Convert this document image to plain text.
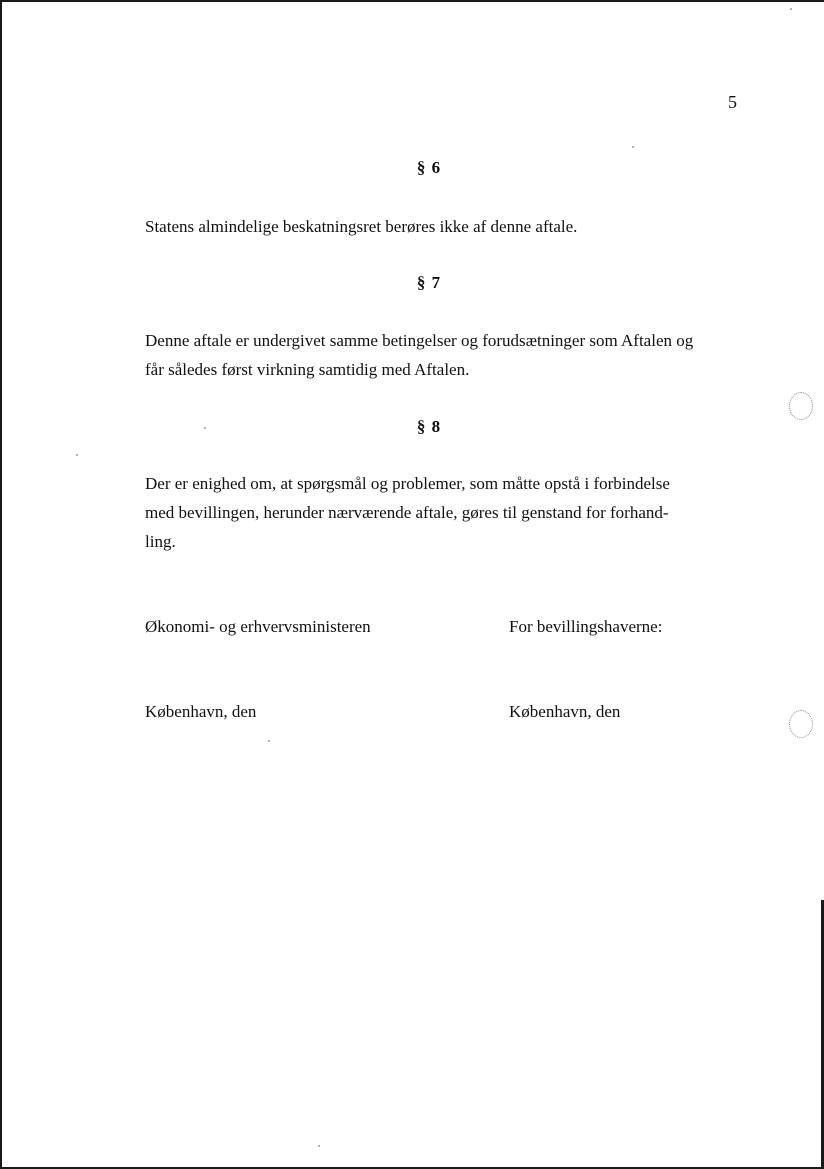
5
§ 6
Statens almindelige beskatningsret berøres ikke af denne aftale.
§ 7
Denne aftale er undergivet samme betingelser og forudsætninger som Aftalen og
får således først virkning samtidig med Aftalen.
§ 8
Der er enighed om, at spørgsmål og problemer, som måtte opstå i forbindelse
med bevillingen, herunder nærværende aftale, gøres til genstand for forhand-
ling.
Økonomi- og erhvervsministeren	For bevillingshaverne:
København, den	København, den
